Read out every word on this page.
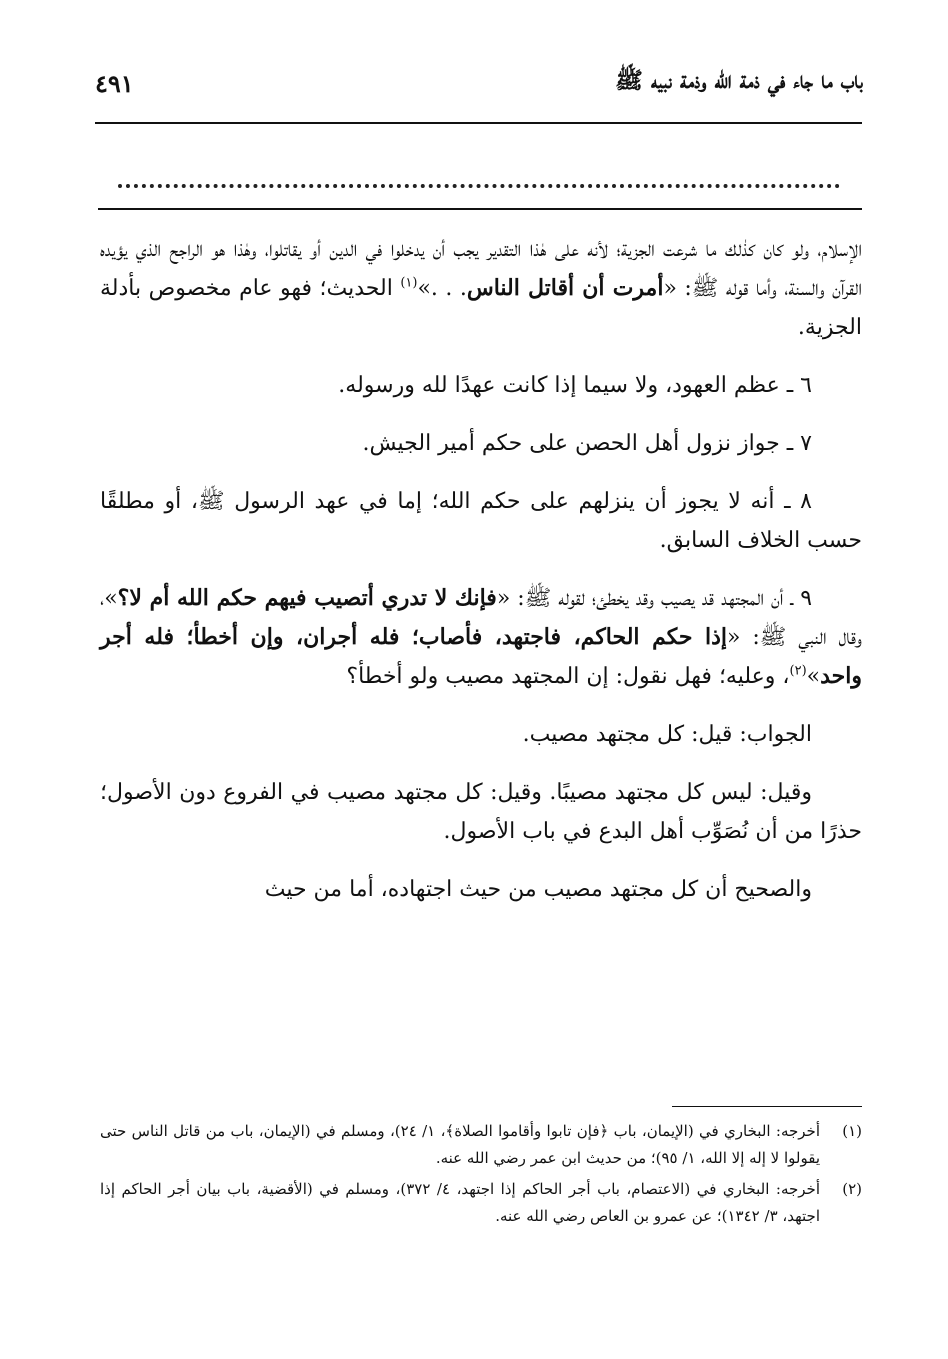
باب ما جاء في ذمة الله وذمة نبيه ﷺ
٤٩١

الإسلام، ولو كان كذٰلك ما شرعت الجزية؛ لأنه على هٰذا التقدير يجب أن يدخلوا في الدين أو يقاتلوا، وهٰذا هو الراجح الذي يؤيده القرآن والسنة، وأما قوله ﷺ: «أمرت أن أقاتل الناس. . .»$^{(١)}$ الحديث؛ فهو عام مخصوص بأدلة الجزية.

٦ ـ عظم العهود، ولا سيما إذا كانت عهدًا لله ورسوله.

٧ ـ جواز نزول أهل الحصن على حكم أمير الجيش.

٨ ـ أنه لا يجوز أن ينزلهم على حكم الله؛ إما في عهد الرسول ﷺ، أو مطلقًا حسب الخلاف السابق.

٩ ـ أن المجتهد قد يصيب وقد يخطئ؛ لقوله ﷺ: «فإنك لا تدري أتصيب فيهم حكم الله أم لا؟»، وقال النبي ﷺ: «إذا حكم الحاكم، فاجتهد، فأصاب؛ فله أجران، وإن أخطأ؛ فله أجر واحد»$^{(٢)}$، وعليه؛ فهل نقول: إن المجتهد مصيب ولو أخطأ؟

الجواب: قيل: كل مجتهد مصيب.

وقيل: ليس كل مجتهد مصيبًا. وقيل: كل مجتهد مصيب في الفروع دون الأصول؛ حذرًا من أن نُصَوِّب أهل البدع في باب الأصول.

والصحيح أن كل مجتهد مصيب من حيث اجتهاده، أما من حيث

(١)
أخرجه: البخاري في (الإيمان، باب ﴿فإن تابوا وأقاموا الصلاة﴾، ١/ ٢٤)، ومسلم في (الإيمان، باب من قاتل الناس حتى يقولوا لا إله إلا الله، ١/ ٩٥)؛ من حديث ابن عمر رضي الله عنه.
(٢)
أخرجه: البخاري في (الاعتصام، باب أجر الحاكم إذا اجتهد، ٤/ ٣٧٢)، ومسلم في (الأقضية، باب بيان أجر الحاكم إذا اجتهد، ٣/ ١٣٤٢)؛ عن عمرو بن العاص رضي الله عنه.
